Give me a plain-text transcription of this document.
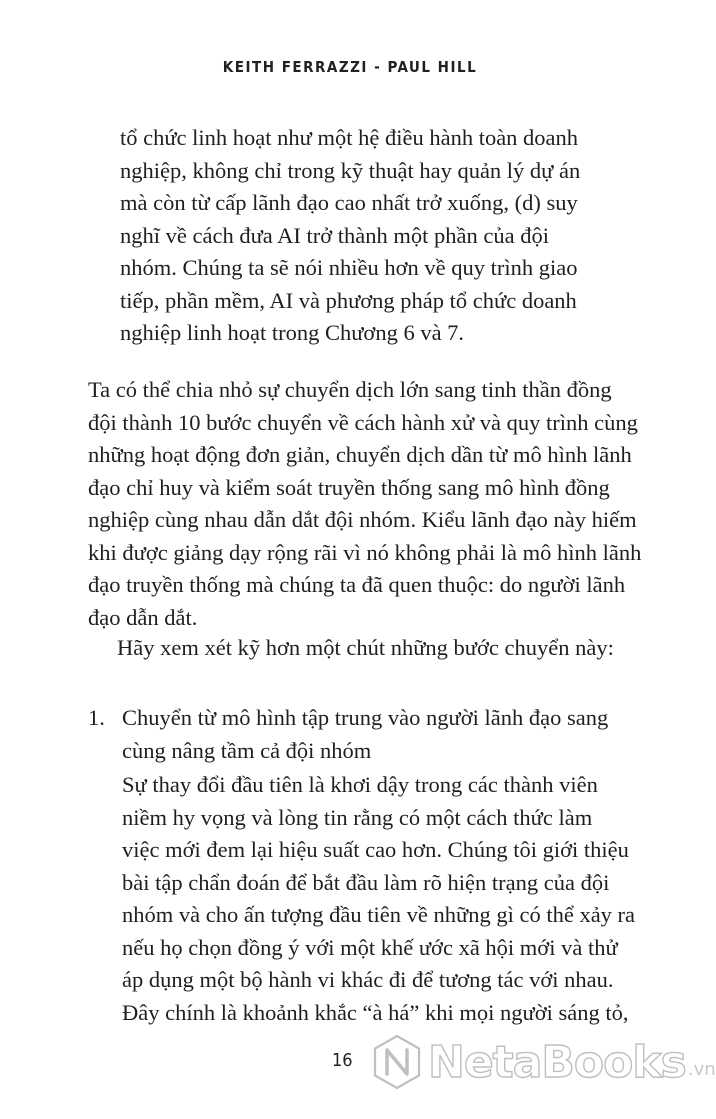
KEITH FERRAZZI - PAUL HILL
tổ chức linh hoạt như một hệ điều hành toàn doanh
nghiệp, không chỉ trong kỹ thuật hay quản lý dự án
mà còn từ cấp lãnh đạo cao nhất trở xuống, (d) suy
nghĩ về cách đưa AI trở thành một phần của đội
nhóm. Chúng ta sẽ nói nhiều hơn về quy trình giao
tiếp, phần mềm, AI và phương pháp tổ chức doanh
nghiệp linh hoạt trong Chương 6 và 7.
Ta có thể chia nhỏ sự chuyển dịch lớn sang tinh thần đồng
đội thành 10 bước chuyển về cách hành xử và quy trình cùng
những hoạt động đơn giản, chuyển dịch dần từ mô hình lãnh
đạo chỉ huy và kiểm soát truyền thống sang mô hình đồng
nghiệp cùng nhau dẫn dắt đội nhóm. Kiểu lãnh đạo này hiếm
khi được giảng dạy rộng rãi vì nó không phải là mô hình lãnh
đạo truyền thống mà chúng ta đã quen thuộc: do người lãnh
đạo dẫn dắt.
Hãy xem xét kỹ hơn một chút những bước chuyển này:
1. Chuyển từ mô hình tập trung vào người lãnh đạo sang
cùng nâng tầm cả đội nhóm
Sự thay đổi đầu tiên là khơi dậy trong các thành viên
niềm hy vọng và lòng tin rằng có một cách thức làm
việc mới đem lại hiệu suất cao hơn. Chúng tôi giới thiệu
bài tập chẩn đoán để bắt đầu làm rõ hiện trạng của đội
nhóm và cho ấn tượng đầu tiên về những gì có thể xảy ra
nếu họ chọn đồng ý với một khế ước xã hội mới và thử
áp dụng một bộ hành vi khác đi để tương tác với nhau.
Đây chính là khoảnh khắc “à há” khi mọi người sáng tỏ,
16 NetaBooks .vn
